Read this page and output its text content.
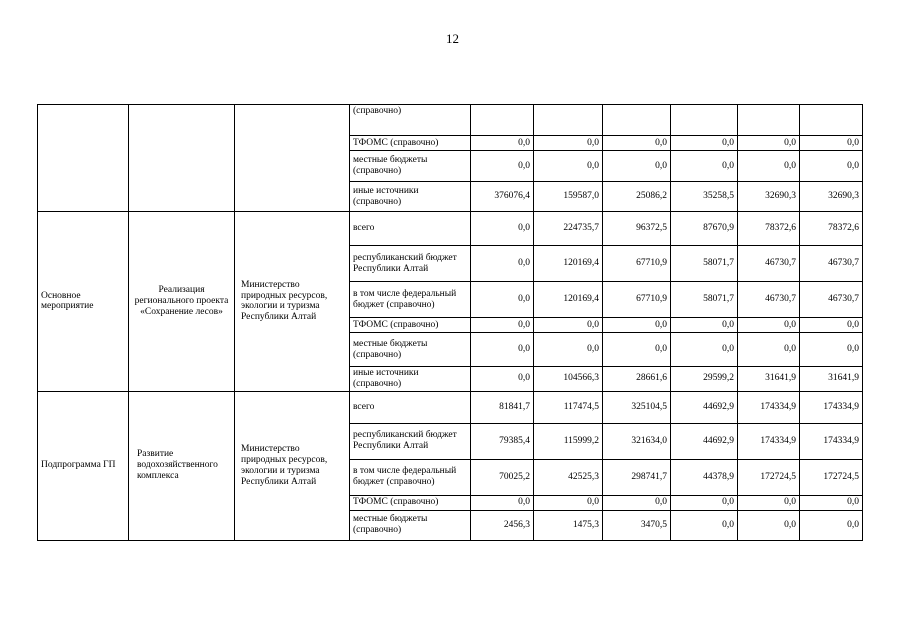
12
			(справочно)						
			ТФОМС (справочно)	0,0	0,0	0,0	0,0	0,0	0,0
			местные бюджеты (справочно)	0,0	0,0	0,0	0,0	0,0	0,0
			иные источники (справочно)	376076,4	159587,0	25086,2	35258,5	32690,3	32690,3
Основное мероприятие	Реализация регионального проекта «Сохранение лесов»	Министерство природных ресурсов, экологии и туризма Республики Алтай	всего	0,0	224735,7	96372,5	87670,9	78372,6	78372,6
			республиканский бюджет Республики Алтай	0,0	120169,4	67710,9	58071,7	46730,7	46730,7
			в том числе федеральный бюджет (справочно)	0,0	120169,4	67710,9	58071,7	46730,7	46730,7
			ТФОМС (справочно)	0,0	0,0	0,0	0,0	0,0	0,0
			местные бюджеты (справочно)	0,0	0,0	0,0	0,0	0,0	0,0
			иные источники (справочно)	0,0	104566,3	28661,6	29599,2	31641,9	31641,9
Подпрограмма ГП	Развитие водохозяйственного комплекса	Министерство природных ресурсов, экологии и туризма Республики Алтай	всего	81841,7	117474,5	325104,5	44692,9	174334,9	174334,9
			республиканский бюджет Республики Алтай	79385,4	115999,2	321634,0	44692,9	174334,9	174334,9
			в том числе федеральный бюджет (справочно)	70025,2	42525,3	298741,7	44378,9	172724,5	172724,5
			ТФОМС (справочно)	0,0	0,0	0,0	0,0	0,0	0,0
			местные бюджеты (справочно)	2456,3	1475,3	3470,5	0,0	0,0	0,0
